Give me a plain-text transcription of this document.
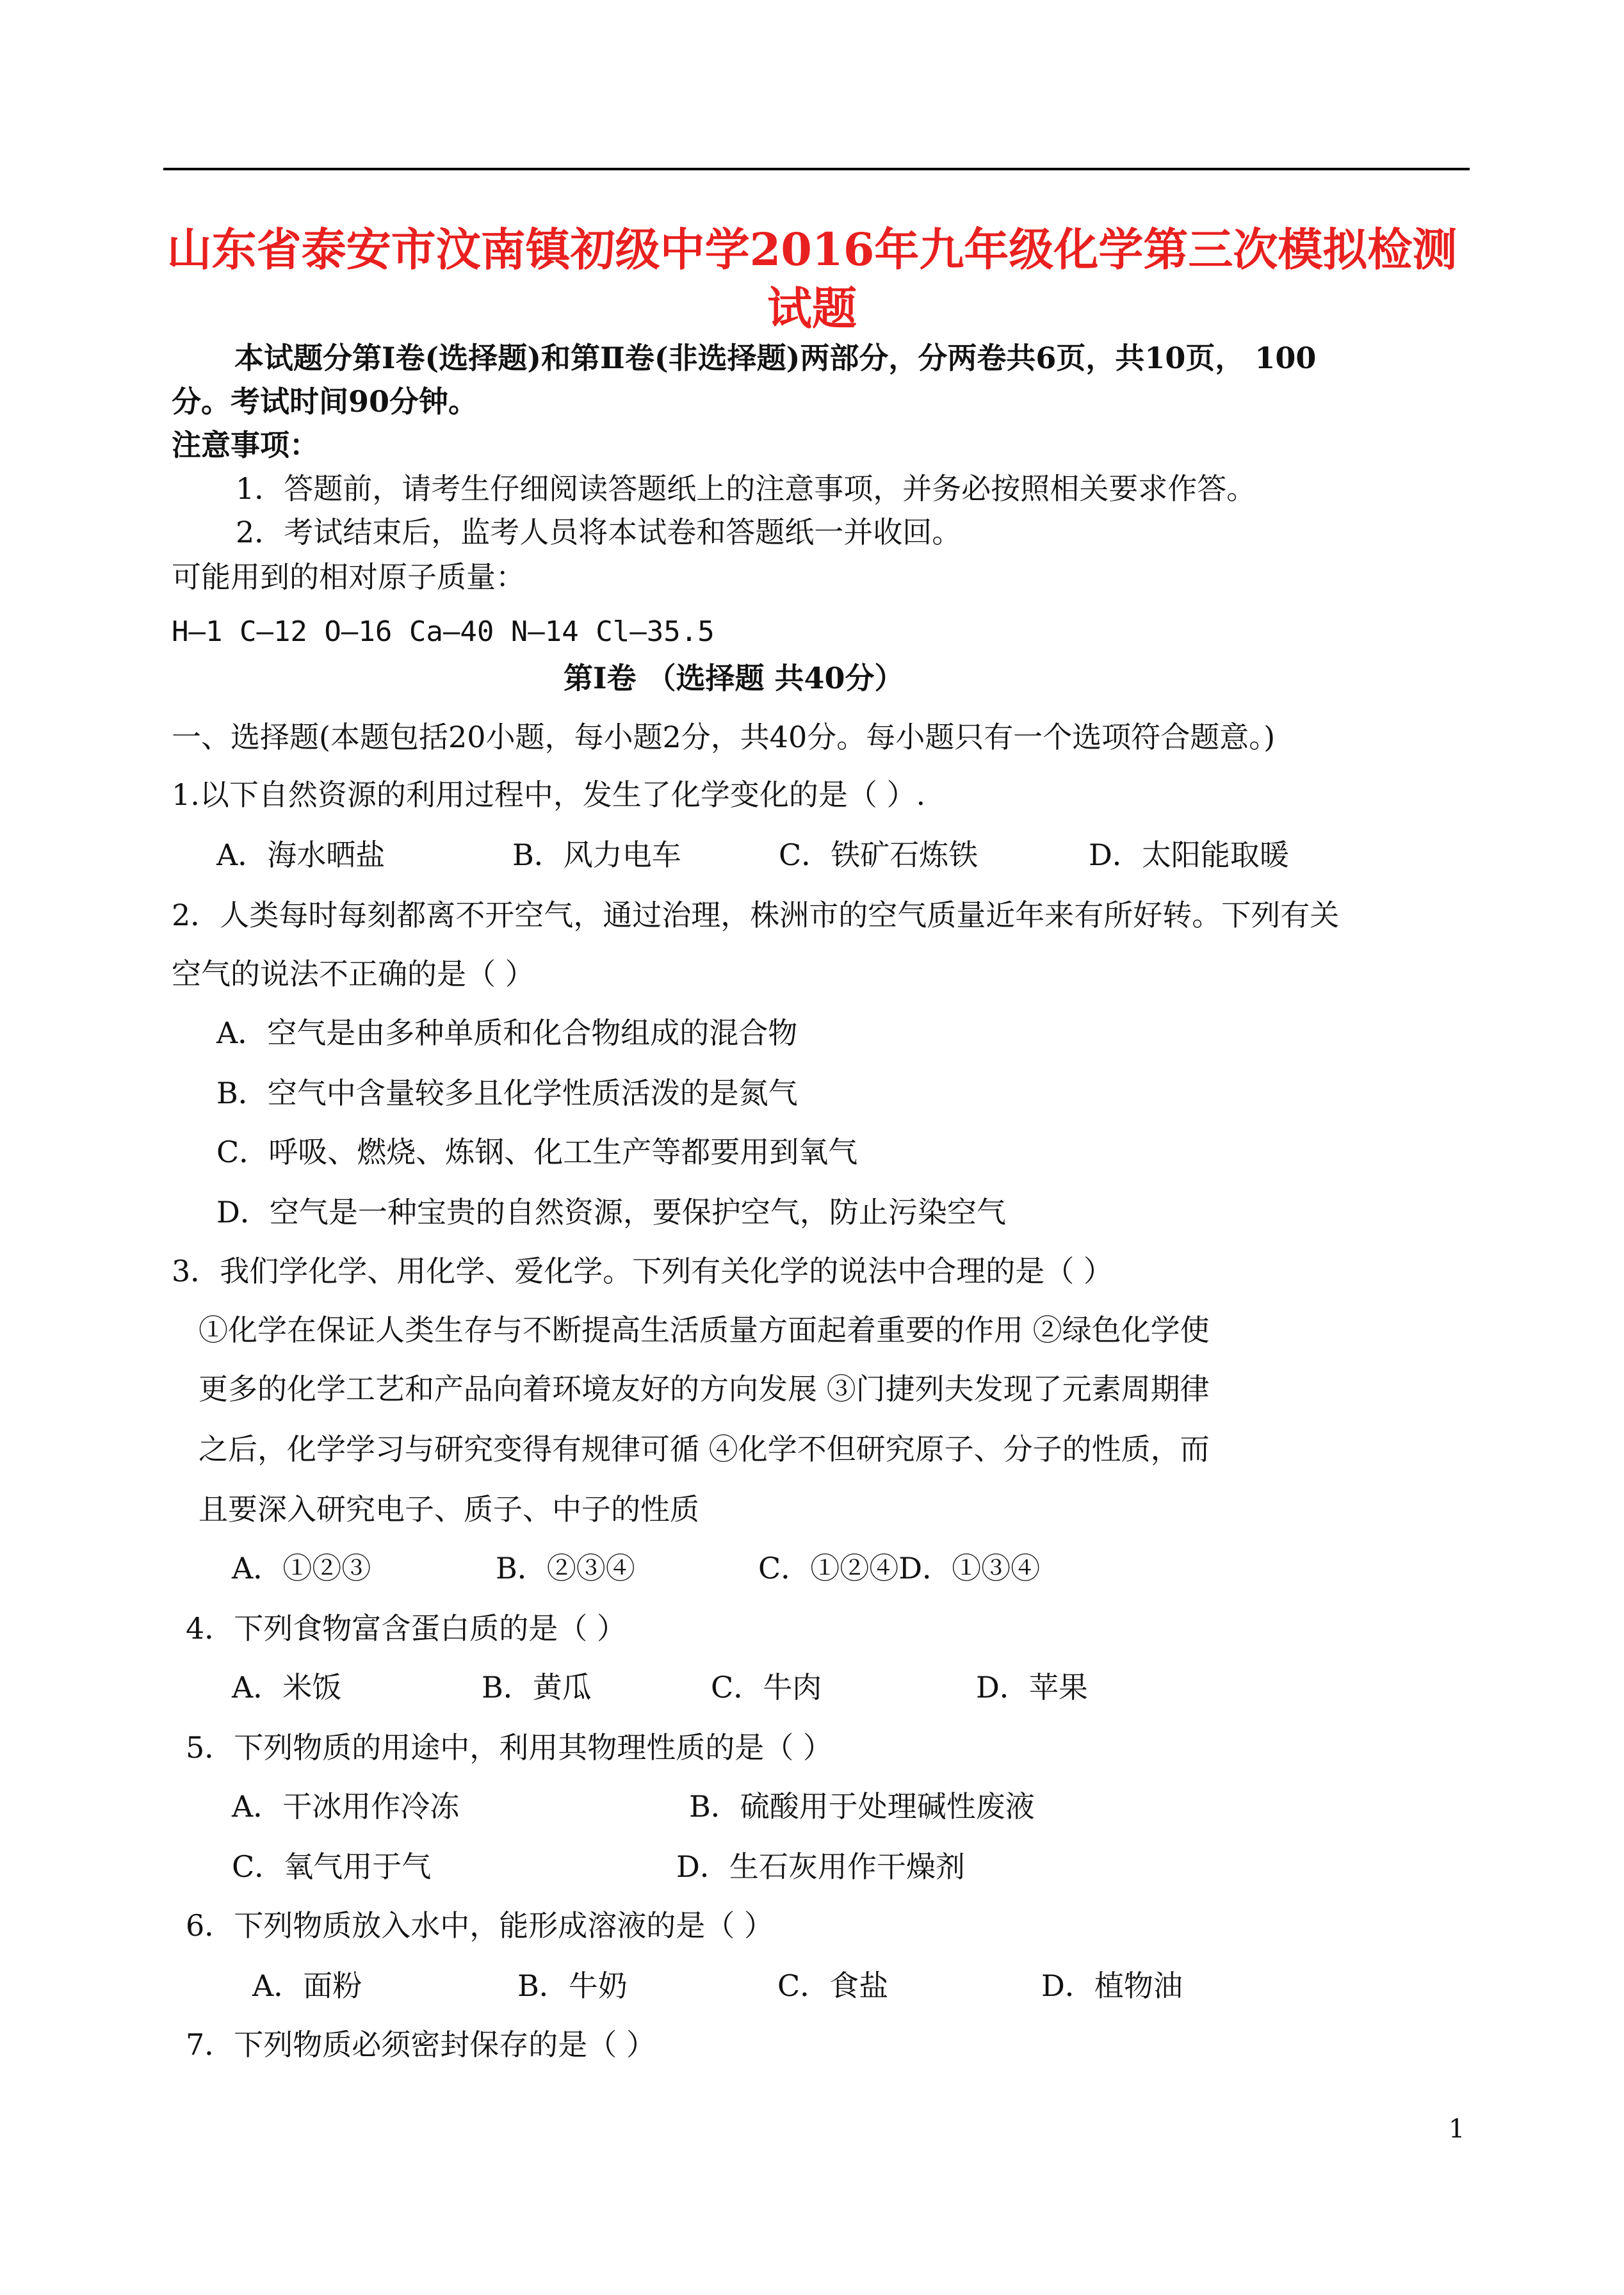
山东省泰安市汶南镇初级中学2016年九年级化学第三次模拟检测
试题
本试题分第Ⅰ卷(选择题)和第Ⅱ卷(非选择题)两部分，分两卷共6页，共10页， 100
分。考试时间90分钟。
注意事项：
1．答题前，请考生仔细阅读答题纸上的注意事项，并务必按照相关要求作答。
2．考试结束后，监考人员将本试卷和答题纸一并收回。
可能用到的相对原子质量：
H—1 C—12 O—16 Ca—40 N—14 Cl—35.5
第Ⅰ卷 （选择题 共40分）
一、选择题(本题包括20小题，每小题2分，共40分。每小题只有一个选项符合题意。)
1.以下自然资源的利用过程中，发生了化学变化的是（ ）.
A．海水晒盐	B．风力电车	C．铁矿石炼铁	D．太阳能取暖
2．人类每时每刻都离不开空气，通过治理，株洲市的空气质量近年来有所好转。下列有关
空气的说法不正确的是（ ）
A．空气是由多种单质和化合物组成的混合物
B．空气中含量较多且化学性质活泼的是氮气
C．呼吸、燃烧、炼钢、化工生产等都要用到氧气
D．空气是一种宝贵的自然资源，要保护空气，防止污染空气
3．我们学化学、用化学、爱化学。下列有关化学的说法中合理的是（ ）
①化学在保证人类生存与不断提高生活质量方面起着重要的作用 ②绿色化学使
更多的化学工艺和产品向着环境友好的方向发展 ③门捷列夫发现了元素周期律
之后，化学学习与研究变得有规律可循 ④化学不但研究原子、分子的性质，而
且要深入研究电子、质子、中子的性质
A．①②③	B．②③④	C．①②④D．①③④
4．下列食物富含蛋白质的是（ ）
A．米饭	B．黄瓜	C．牛肉	D．苹果
5．下列物质的用途中，利用其物理性质的是（ ）
A．干冰用作冷冻	B．硫酸用于处理碱性废液
C．氧气用于气	D．生石灰用作干燥剂
6．下列物质放入水中，能形成溶液的是（ ）
A．面粉	B．牛奶	C．食盐	D．植物油
7．下列物质必须密封保存的是（ ）
1
